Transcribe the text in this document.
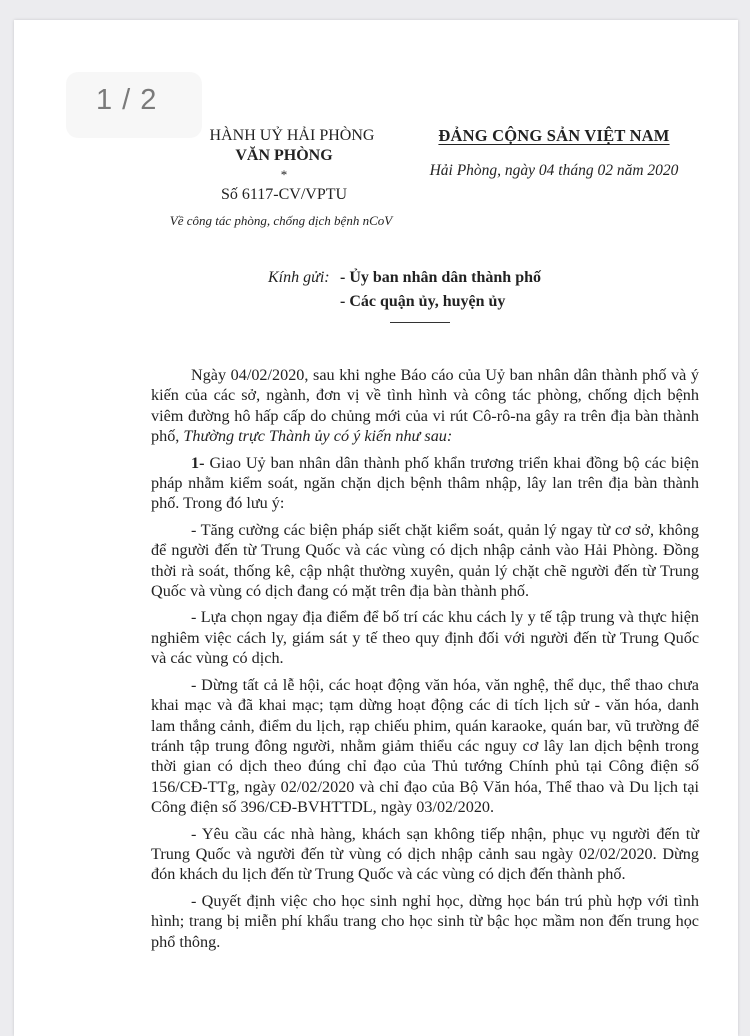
1 / 2
HÀNH UỶ HẢI PHÒNG
VĂN PHÒNG
*
Số 6117-CV/VPTU
Về công tác phòng, chống dịch bệnh nCoV
ĐẢNG CỘNG SẢN VIỆT NAM
Hải Phòng, ngày 04 tháng 02 năm 2020
Kính gửi: - Ủy ban nhân dân thành phố
- Các quận ủy, huyện ủy

Ngày 04/02/2020, sau khi nghe Báo cáo của Uỷ ban nhân dân thành phố và ý kiến của các sở, ngành, đơn vị về tình hình và công tác phòng, chống dịch bệnh viêm đường hô hấp cấp do chủng mới của vi rút Cô-rô-na gây ra trên địa bàn thành phố, Thường trực Thành ủy có ý kiến như sau:

1- Giao Uỷ ban nhân dân thành phố khẩn trương triển khai đồng bộ các biện pháp nhằm kiểm soát, ngăn chặn dịch bệnh thâm nhập, lây lan trên địa bàn thành phố. Trong đó lưu ý:

- Tăng cường các biện pháp siết chặt kiểm soát, quản lý ngay từ cơ sở, không để người đến từ Trung Quốc và các vùng có dịch nhập cảnh vào Hải Phòng. Đồng thời rà soát, thống kê, cập nhật thường xuyên, quản lý chặt chẽ người đến từ Trung Quốc và vùng có dịch đang có mặt trên địa bàn thành phố.

- Lựa chọn ngay địa điểm để bố trí các khu cách ly y tế tập trung và thực hiện nghiêm việc cách ly, giám sát y tế theo quy định đối với người đến từ Trung Quốc và các vùng có dịch.

- Dừng tất cả lễ hội, các hoạt động văn hóa, văn nghệ, thể dục, thể thao chưa khai mạc và đã khai mạc; tạm dừng hoạt động các di tích lịch sử - văn hóa, danh lam thắng cảnh, điểm du lịch, rạp chiếu phim, quán karaoke, quán bar, vũ trường để tránh tập trung đông người, nhằm giảm thiểu các nguy cơ lây lan dịch bệnh trong thời gian có dịch theo đúng chỉ đạo của Thủ tướng Chính phủ tại Công điện số 156/CĐ-TTg, ngày 02/02/2020 và chỉ đạo của Bộ Văn hóa, Thể thao và Du lịch tại Công điện số 396/CĐ-BVHTTDL, ngày 03/02/2020.

- Yêu cầu các nhà hàng, khách sạn không tiếp nhận, phục vụ người đến từ Trung Quốc và người đến từ vùng có dịch nhập cảnh sau ngày 02/02/2020. Dừng đón khách du lịch đến từ Trung Quốc và các vùng có dịch đến thành phố.

- Quyết định việc cho học sinh nghỉ học, dừng học bán trú phù hợp với tình hình; trang bị miễn phí khẩu trang cho học sinh từ bậc học mầm non đến trung học phổ thông.
